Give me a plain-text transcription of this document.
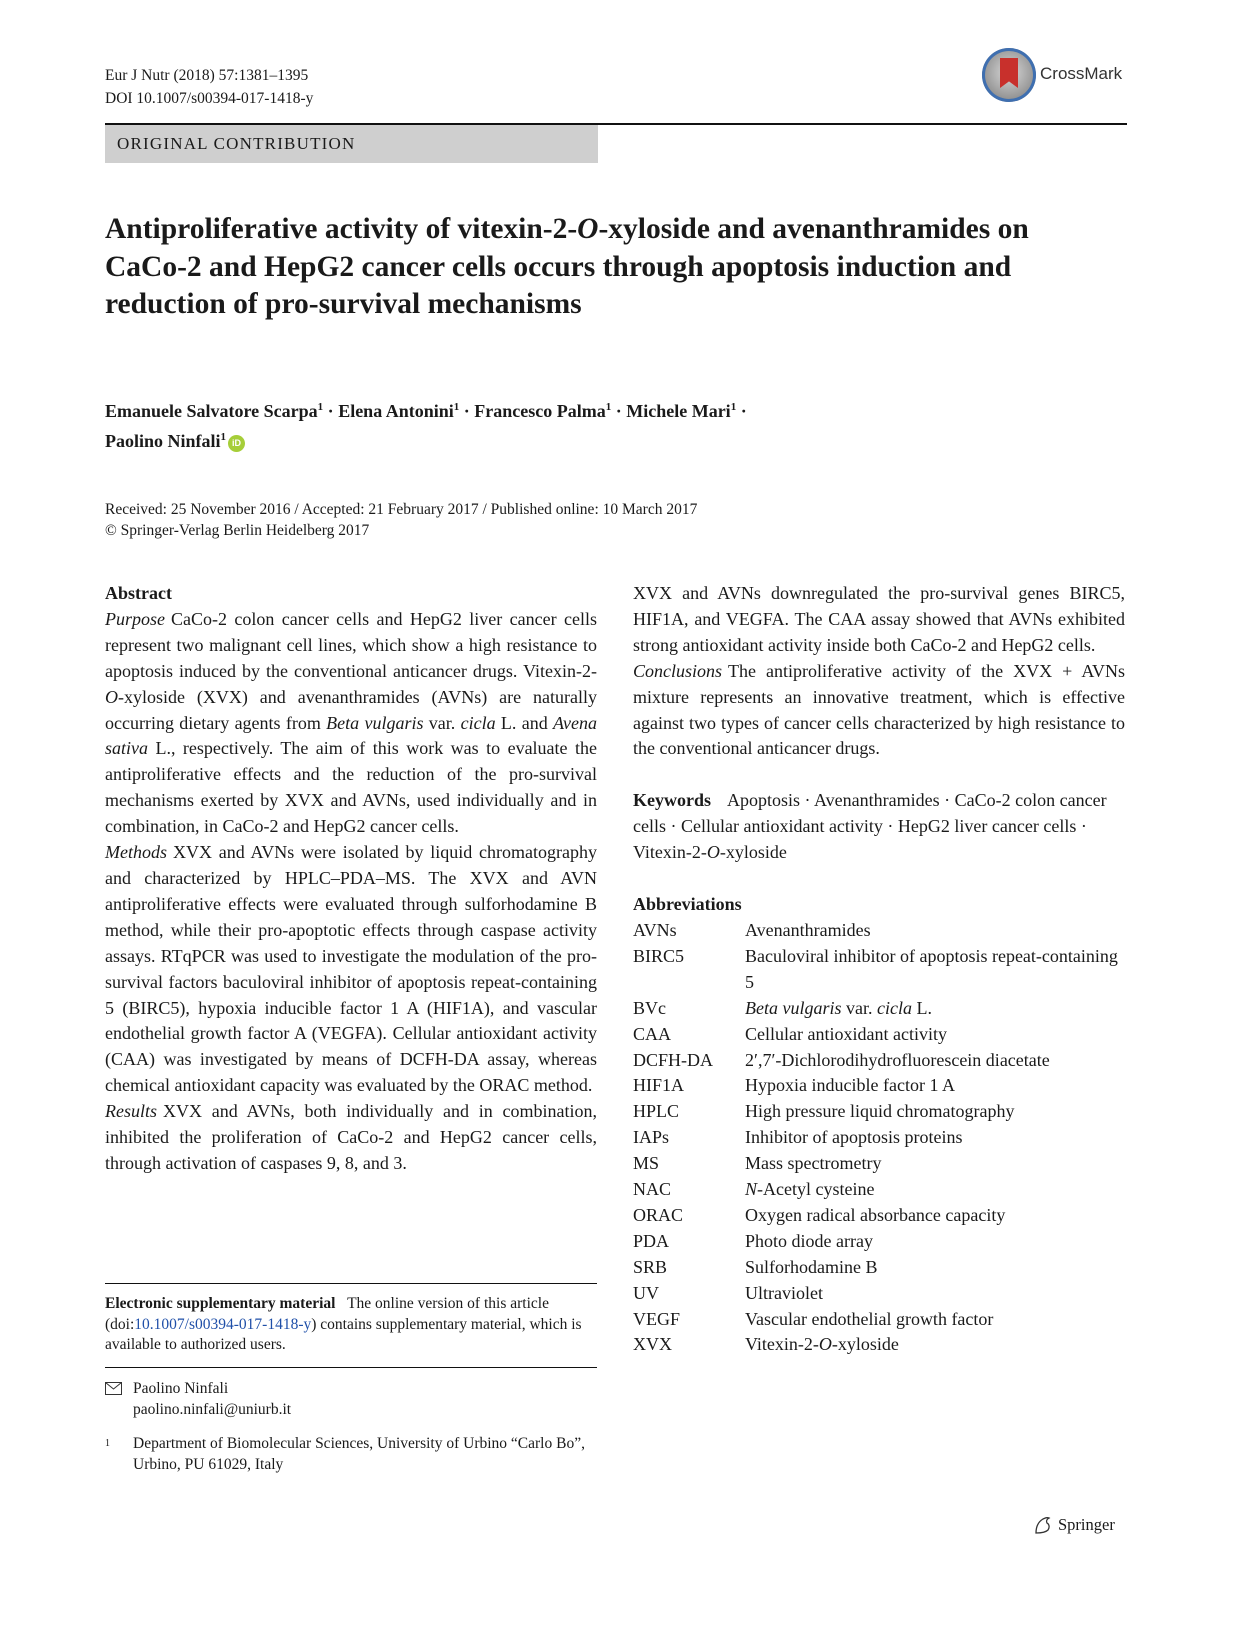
Eur J Nutr (2018) 57:1381–1395
DOI 10.1007/s00394-017-1418-y
CrossMark
ORIGINAL CONTRIBUTION
Antiproliferative activity of vitexin-2-O-xyloside and avenanthramides on CaCo-2 and HepG2 cancer cells occurs through apoptosis induction and reduction of pro-survival mechanisms
Emanuele Salvatore Scarpa$^1$ · Elena Antonini$^1$ · Francesco Palma$^1$ · Michele Mari$^1$ ·
Paolino Ninfali$^1$ iD
Received: 25 November 2016 / Accepted: 21 February 2017 / Published online: 10 March 2017
© Springer-Verlag Berlin Heidelberg 2017
Abstract

Purpose CaCo-2 colon cancer cells and HepG2 liver cancer cells represent two malignant cell lines, which show a high resistance to apoptosis induced by the conventional anticancer drugs. Vitexin-2-O-xyloside (XVX) and avenanthramides (AVNs) are naturally occurring dietary agents from Beta vulgaris var. cicla L. and Avena sativa L., respectively. The aim of this work was to evaluate the antiproliferative effects and the reduction of the pro-survival mechanisms exerted by XVX and AVNs, used individually and in combination, in CaCo-2 and HepG2 cancer cells.

Methods XVX and AVNs were isolated by liquid chromatography and characterized by HPLC–PDA–MS. The XVX and AVN antiproliferative effects were evaluated through sulforhodamine B method, while their pro-apoptotic effects through caspase activity assays. RTqPCR was used to investigate the modulation of the pro-survival factors baculoviral inhibitor of apoptosis repeat-containing 5 (BIRC5), hypoxia inducible factor 1 A (HIF1A), and vascular endothelial growth factor A (VEGFA). Cellular antioxidant activity (CAA) was investigated by means of DCFH-DA assay, whereas chemical antioxidant capacity was evaluated by the ORAC method.

Results XVX and AVNs, both individually and in combination, inhibited the proliferation of CaCo-2 and HepG2 cancer cells, through activation of caspases 9, 8, and 3.

Electronic supplementary material The online version of this article (doi:10.1007/s00394-017-1418-y) contains supplementary material, which is available to authorized users.
Paolino Ninfali
paolino.ninfali@uniurb.it
$^1$	Department of Biomolecular Sciences, University of Urbino “Carlo Bo”, Urbino, PU 61029, Italy

XVX and AVNs downregulated the pro-survival genes BIRC5, HIF1A, and VEGFA. The CAA assay showed that AVNs exhibited strong antioxidant activity inside both CaCo-2 and HepG2 cells.

Conclusions The antiproliferative activity of the XVX + AVNs mixture represents an innovative treatment, which is effective against two types of cancer cells characterized by high resistance to the conventional anticancer drugs.

Keywords Apoptosis · Avenanthramides · CaCo-2 colon cancer cells · Cellular antioxidant activity · HepG2 liver cancer cells · Vitexin-2-O-xyloside

Abbreviations
AVNs	Avenanthramides
BIRC5	Baculoviral inhibitor of apoptosis repeat-containing 5
BVc	Beta vulgaris var. cicla L.
CAA	Cellular antioxidant activity
DCFH-DA	2′,7′-Dichlorodihydrofluorescein diacetate
HIF1A	Hypoxia inducible factor 1 A
HPLC	High pressure liquid chromatography
IAPs	Inhibitor of apoptosis proteins
MS	Mass spectrometry
NAC	N-Acetyl cysteine
ORAC	Oxygen radical absorbance capacity
PDA	Photo diode array
SRB	Sulforhodamine B
UV	Ultraviolet
VEGF	Vascular endothelial growth factor
XVX	Vitexin-2-O-xyloside
Springer
